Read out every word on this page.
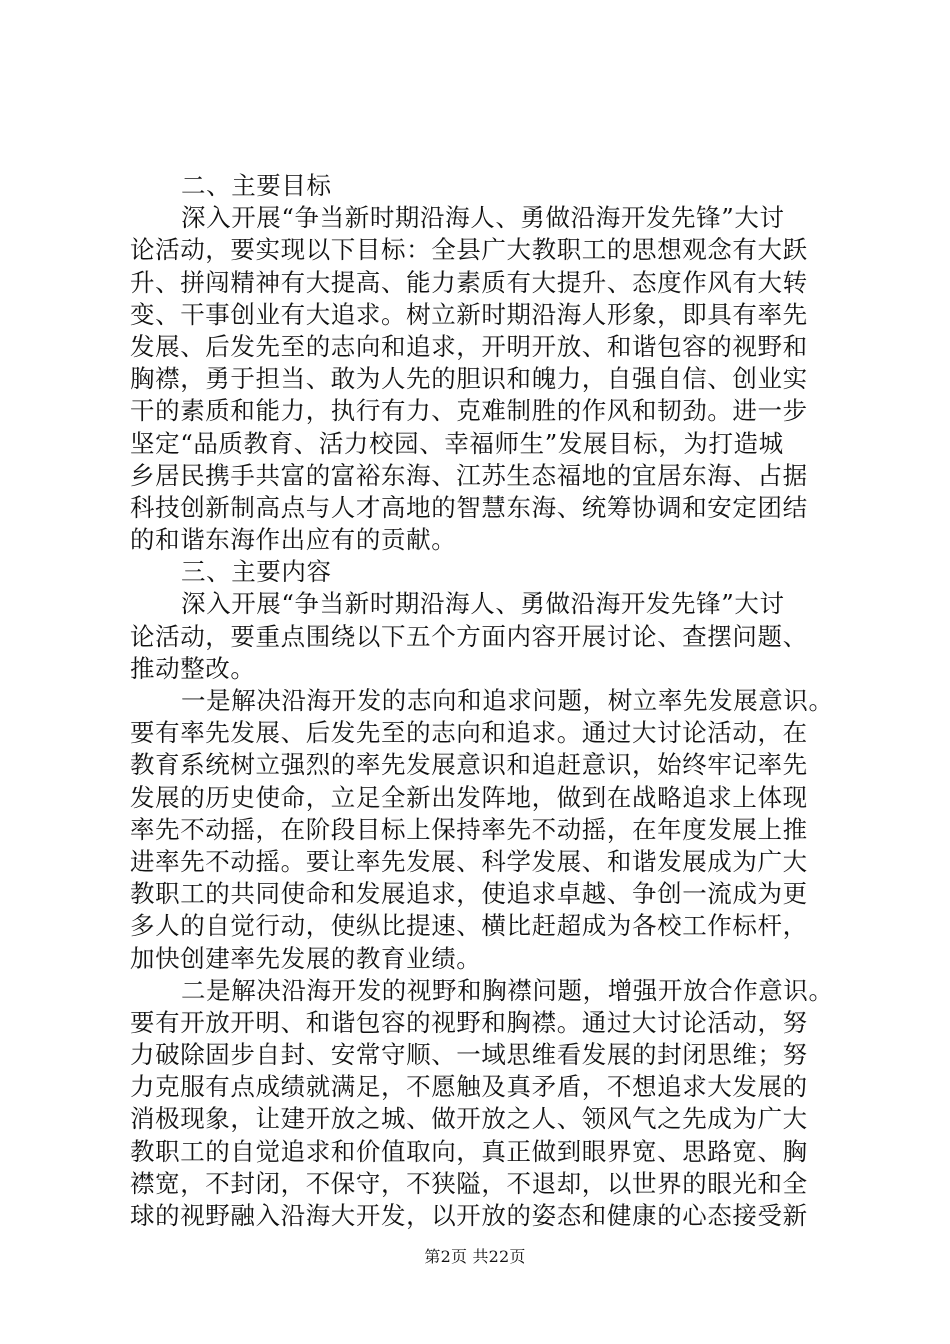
二、主要目标
深入开展“争当新时期沿海人、勇做沿海开发先锋”大讨
论活动，要实现以下目标：全县广大教职工的思想观念有大跃
升、拼闯精神有大提高、能力素质有大提升、态度作风有大转
变、干事创业有大追求。树立新时期沿海人形象，即具有率先
发展、后发先至的志向和追求，开明开放、和谐包容的视野和
胸襟，勇于担当、敢为人先的胆识和魄力，自强自信、创业实
干的素质和能力，执行有力、克难制胜的作风和韧劲。进一步
坚定“品质教育、活力校园、幸福师生”发展目标，为打造城
乡居民携手共富的富裕东海、江苏生态福地的宜居东海、占据
科技创新制高点与人才高地的智慧东海、统筹协调和安定团结
的和谐东海作出应有的贡献。
三、主要内容
深入开展“争当新时期沿海人、勇做沿海开发先锋”大讨
论活动，要重点围绕以下五个方面内容开展讨论、查摆问题、
推动整改。
一是解决沿海开发的志向和追求问题，树立率先发展意识。
要有率先发展、后发先至的志向和追求。通过大讨论活动，在
教育系统树立强烈的率先发展意识和追赶意识，始终牢记率先
发展的历史使命，立足全新出发阵地，做到在战略追求上体现
率先不动摇，在阶段目标上保持率先不动摇，在年度发展上推
进率先不动摇。要让率先发展、科学发展、和谐发展成为广大
教职工的共同使命和发展追求，使追求卓越、争创一流成为更
多人的自觉行动，使纵比提速、横比赶超成为各校工作标杆，
加快创建率先发展的教育业绩。
二是解决沿海开发的视野和胸襟问题，增强开放合作意识。
要有开放开明、和谐包容的视野和胸襟。通过大讨论活动，努
力破除固步自封、安常守顺、一域思维看发展的封闭思维；努
力克服有点成绩就满足，不愿触及真矛盾，不想追求大发展的
消极现象，让建开放之城、做开放之人、领风气之先成为广大
教职工的自觉追求和价值取向，真正做到眼界宽、思路宽、胸
襟宽，不封闭，不保守，不狭隘，不退却，以世界的眼光和全
球的视野融入沿海大开发，以开放的姿态和健康的心态接受新
第2页 共22页
